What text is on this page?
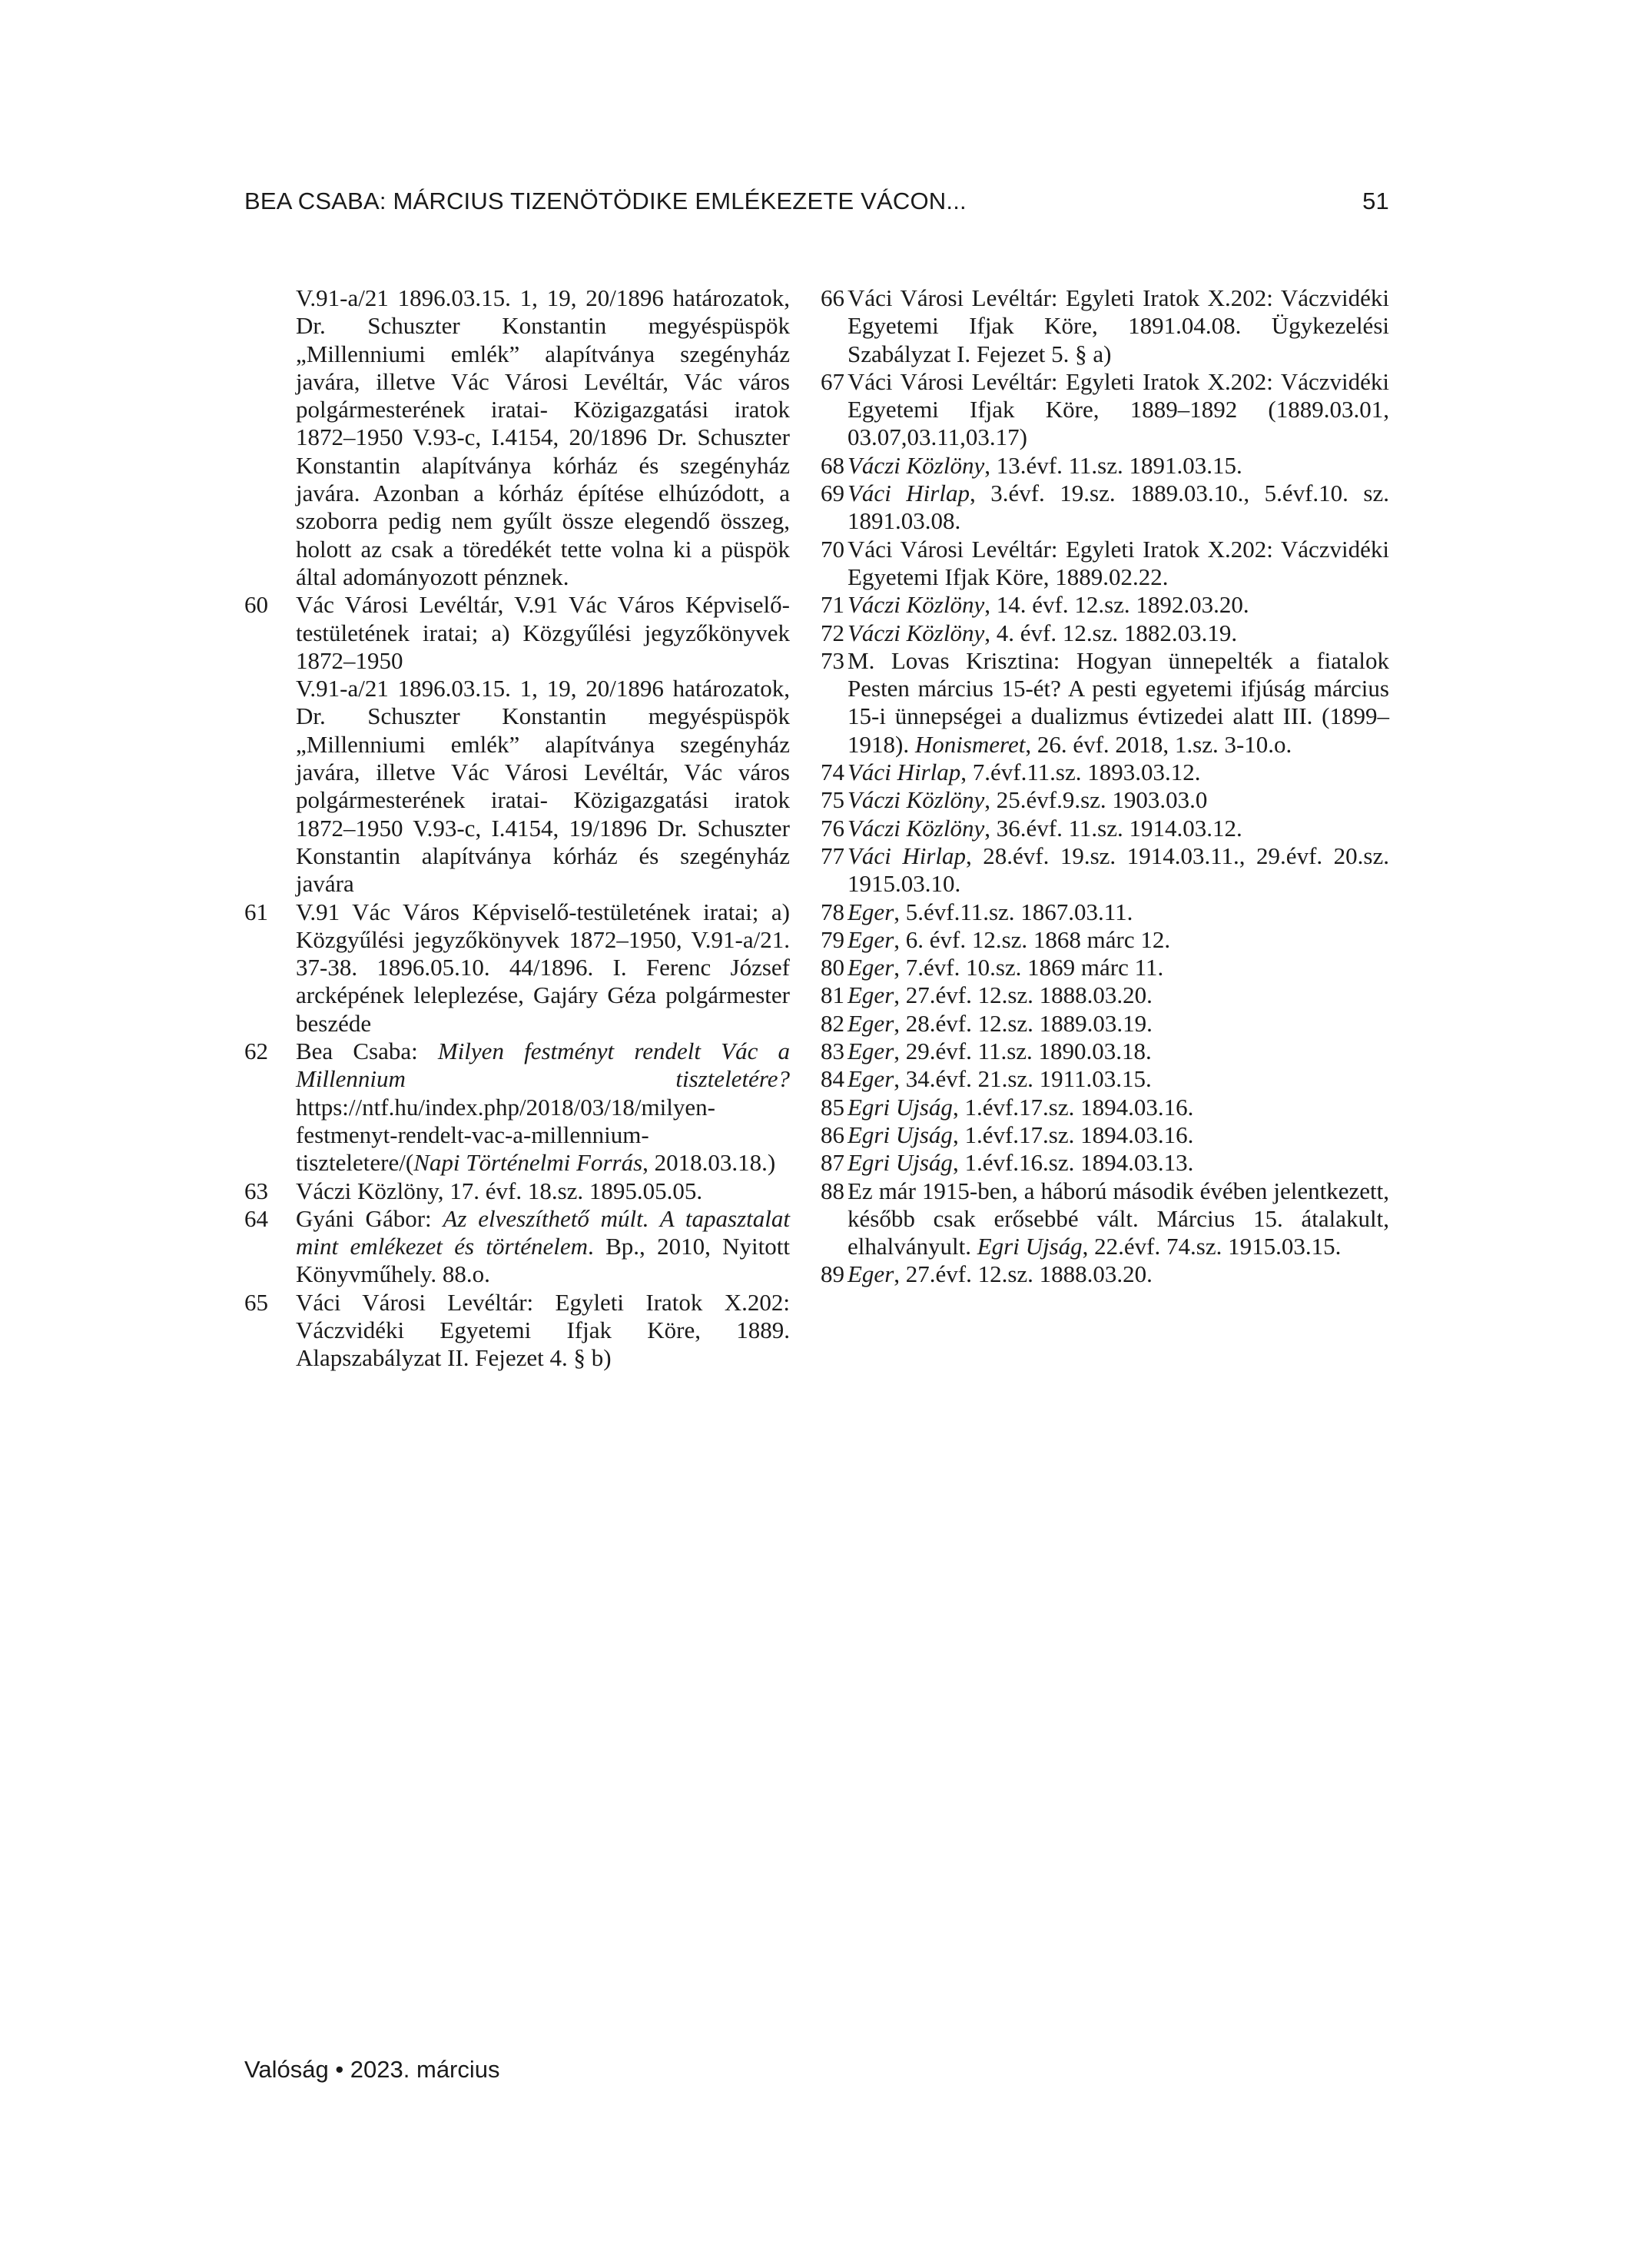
BEA CSABA: MÁRCIUS TIZENÖTÖDIKE EMLÉKEZETE VÁCON...	51
V.91-a/21 1896.03.15. 1, 19, 20/1896 határozatok, Dr. Schuszter Konstantin megyéspüspök „Millenniumi emlék” alapítványa szegényház javára, illetve Vác Városi Levéltár, Vác város polgármesterének iratai- Közigazgatási iratok 1872–1950 V.93-c, I.4154, 20/1896 Dr. Schuszter Konstantin alapítványa kórház és szegényház javára. Azonban a kórház építése elhúzódott, a szoborra pedig nem gyűlt össze elegendő összeg, holott az csak a töredékét tette volna ki a püspök által adományozott pénznek.
60	Vác Városi Levéltár, V.91 Vác Város Képviselő-testületének iratai; a) Közgyűlési jegyzőkönyvek 1872–1950
V.91-a/21 1896.03.15. 1, 19, 20/1896 határozatok, Dr. Schuszter Konstantin megyéspüspök „Millenniumi emlék” alapítványa szegényház javára, illetve Vác Városi Levéltár, Vác város polgármesterének iratai- Közigazgatási iratok 1872–1950 V.93-c, I.4154, 19/1896 Dr. Schuszter Konstantin alapítványa kórház és szegényház javára
61	V.91 Vác Város Képviselő-testületének iratai; a) Közgyűlési jegyzőkönyvek 1872–1950, V.91-a/21. 37-38. 1896.05.10. 44/1896. I. Ferenc József arcképének leleplezése, Gajáry Géza polgármester beszéde
62	Bea Csaba: Milyen festményt rendelt Vác a Millennium tiszteletére? https://ntf.hu/index.php/2018/03/18/milyen-festmenyt-rendelt-vac-a-millennium-tiszteletere/(Napi Történelmi Forrás, 2018.03.18.)
63	Váczi Közlöny, 17. évf. 18.sz. 1895.05.05.
64	Gyáni Gábor: Az elveszíthető múlt. A tapasztalat mint emlékezet és történelem. Bp., 2010, Nyitott Könyvműhely. 88.o.
65	Váci Városi Levéltár: Egyleti Iratok X.202: Váczvidéki Egyetemi Ifjak Köre, 1889. Alapszabályzat II. Fejezet 4. § b)
66 Váci Városi Levéltár: Egyleti Iratok X.202: Váczvidéki Egyetemi Ifjak Köre, 1891.04.08. Ügykezelési Szabályzat I. Fejezet 5. § a)
67 Váci Városi Levéltár: Egyleti Iratok X.202: Váczvidéki Egyetemi Ifjak Köre, 1889–1892 (1889.03.01, 03.07,03.11,03.17)
68 Váczi Közlöny, 13.évf. 11.sz. 1891.03.15.
69 Váci Hirlap, 3.évf. 19.sz. 1889.03.10., 5.évf.10. sz. 1891.03.08.
70 Váci Városi Levéltár: Egyleti Iratok X.202: Váczvidéki Egyetemi Ifjak Köre, 1889.02.22.
71 Váczi Közlöny, 14. évf. 12.sz. 1892.03.20.
72 Váczi Közlöny, 4. évf. 12.sz. 1882.03.19.
73 M. Lovas Krisztina: Hogyan ünnepelték a fiatalok Pesten március 15-ét? A pesti egyetemi ifjúság március 15-i ünnepségei a dualizmus évtizedei alatt III. (1899–1918). Honismeret, 26. évf. 2018, 1.sz. 3-10.o.
74 Váci Hirlap, 7.évf.11.sz. 1893.03.12.
75 Váczi Közlöny, 25.évf.9.sz. 1903.03.0
76 Váczi Közlöny, 36.évf. 11.sz. 1914.03.12.
77 Váci Hirlap, 28.évf. 19.sz. 1914.03.11., 29.évf. 20.sz. 1915.03.10.
78 Eger, 5.évf.11.sz. 1867.03.11.
79 Eger, 6. évf. 12.sz. 1868 márc 12.
80 Eger, 7.évf. 10.sz. 1869 márc 11.
81 Eger, 27.évf. 12.sz. 1888.03.20.
82 Eger, 28.évf. 12.sz. 1889.03.19.
83 Eger, 29.évf. 11.sz. 1890.03.18.
84 Eger, 34.évf. 21.sz. 1911.03.15.
85 Egri Ujság, 1.évf.17.sz. 1894.03.16.
86 Egri Ujság, 1.évf.17.sz. 1894.03.16.
87 Egri Ujság, 1.évf.16.sz. 1894.03.13.
88 Ez már 1915-ben, a háború második évében jelentkezett, később csak erősebbé vált. Március 15. átalakult, elhalványult. Egri Ujság, 22.évf. 74.sz. 1915.03.15.
89 Eger, 27.évf. 12.sz. 1888.03.20.
Valóság • 2023. március
